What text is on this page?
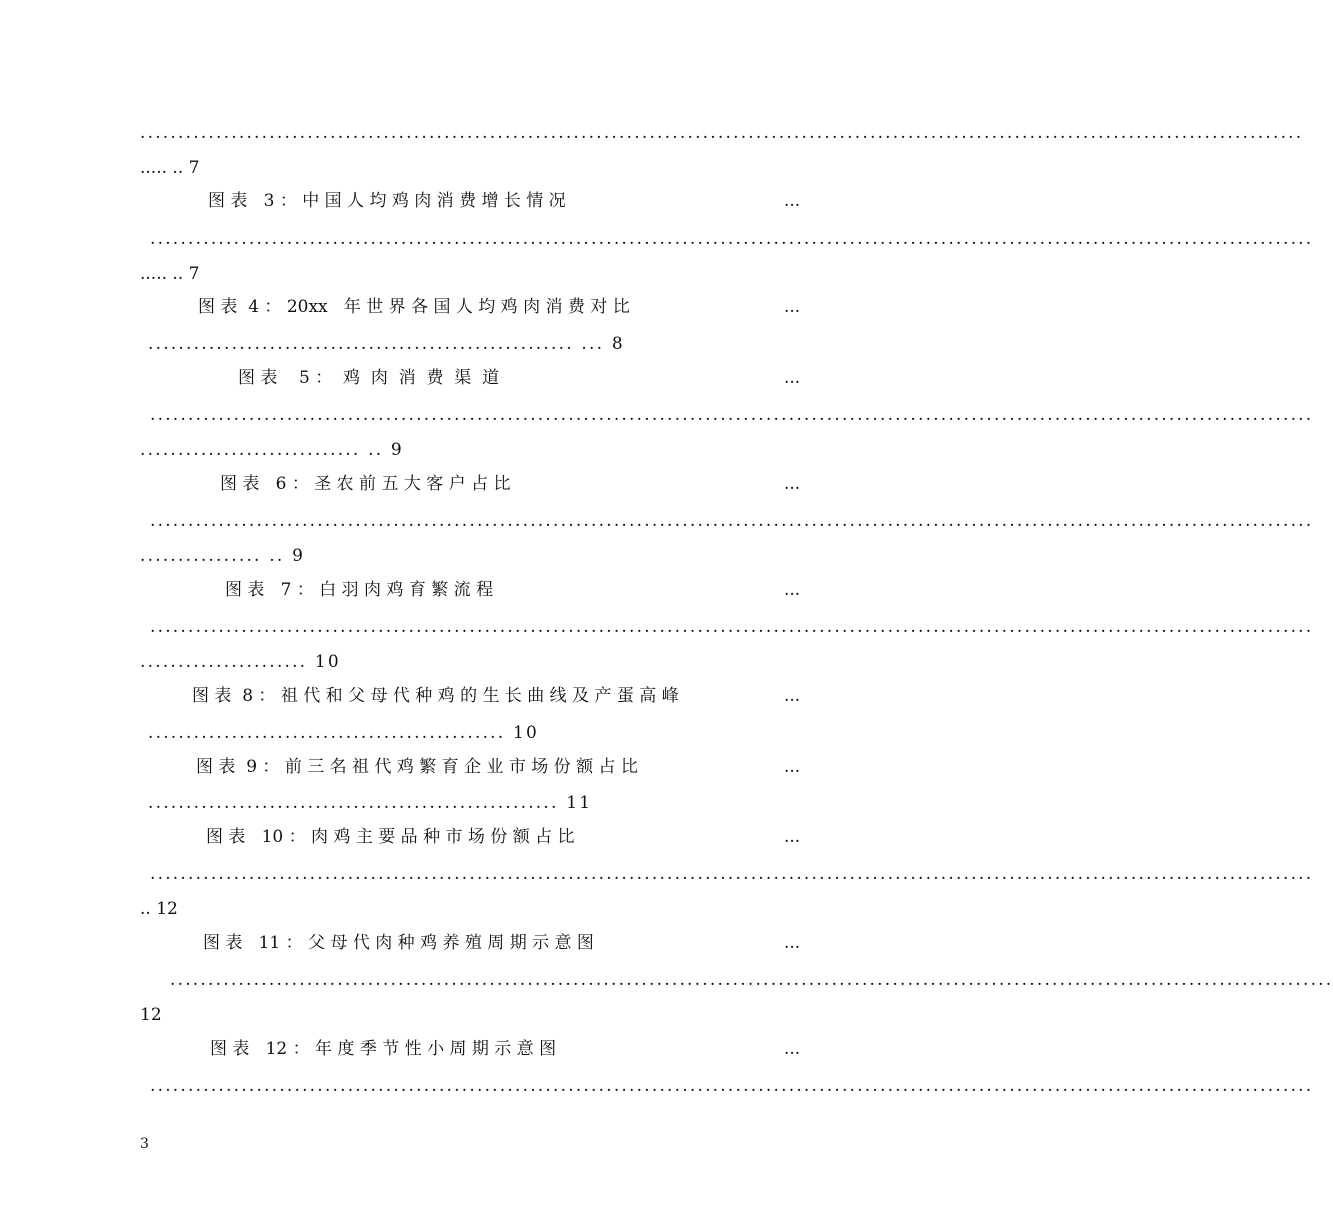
.........................................................................................................................................................
..... .. 7
图 表   3 ： 中 国 人 均 鸡 肉 消 费 增 长 情 况	...
.........................................................................................................................................................
..... .. 7
图 表  4 ： 20xx   年 世 界 各 国 人 均 鸡 肉 消 费 对 比	...
........................................................ ... 8
图 表    5 ：  鸡  肉  消  费  渠  道	...
.........................................................................................................................................................
............................. .. 9
图 表   6 ： 圣 农 前 五 大 客 户 占 比	...
.........................................................................................................................................................
................ .. 9
图 表   7 ： 白 羽 肉 鸡 育 繁 流 程	...
.........................................................................................................................................................
...................... 10
图 表  8 ： 祖 代 和 父 母 代 种 鸡 的 生 长 曲 线 及 产 蛋 高 峰	...
............................................... 10
图 表  9 ： 前 三 名 祖 代 鸡 繁 育 企 业 市 场 份 额 占 比	...
...................................................... 11
图 表   10 ： 肉 鸡 主 要 品 种 市 场 份 额 占 比	...
.........................................................................................................................................................
.. 12
图 表   11 ： 父 母 代 肉 种 鸡 养 殖 周 期 示 意 图	...
.........................................................................................................................................................
12
图 表   12 ： 年 度 季 节 性 小 周 期 示 意 图	...
.........................................................................................................................................................
3
